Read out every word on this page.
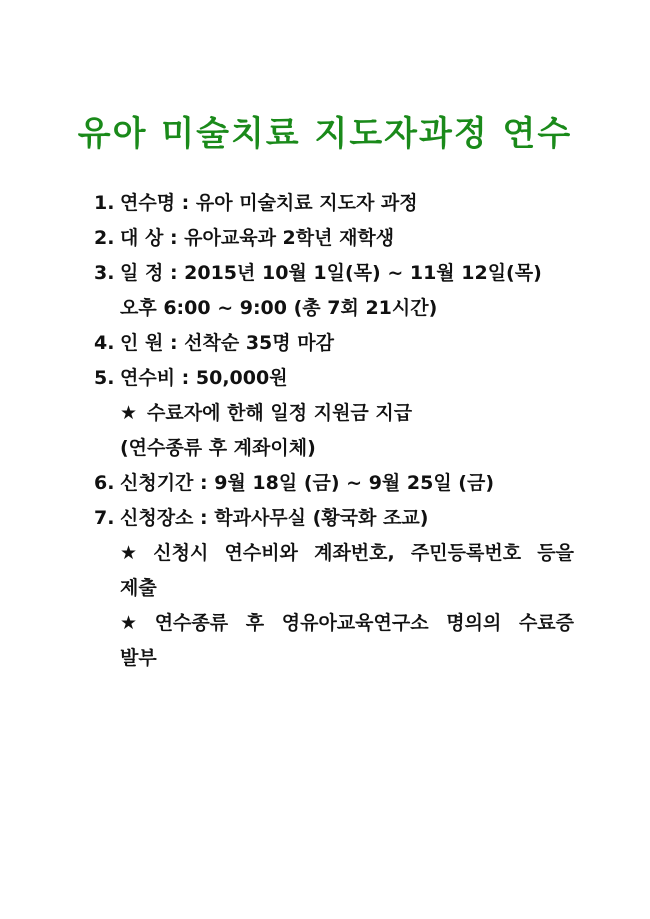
유아 미술치료 지도자과정 연수
1. 연수명 : 유아 미술치료 지도자 과정
2. 대 상 : 유아교육과 2학년 재학생
3. 일 정 : 2015년 10월 1일(목) ~ 11월 12일(목)
오후 6:00 ~ 9:00 (총 7회 21시간)
4. 인 원 : 선착순 35명 마감
5. 연수비 : 50,000원
★ 수료자에 한해 일정 지원금 지급
(연수종류 후 계좌이체)
6. 신청기간 : 9월 18일 (금) ~ 9월 25일 (금)
7. 신청장소 : 학과사무실 (황국화 조교)
★ 신청시 연수비와 계좌번호, 주민등록번호 등을
제출
★ 연수종류 후 영유아교육연구소 명의의 수료증
발부
